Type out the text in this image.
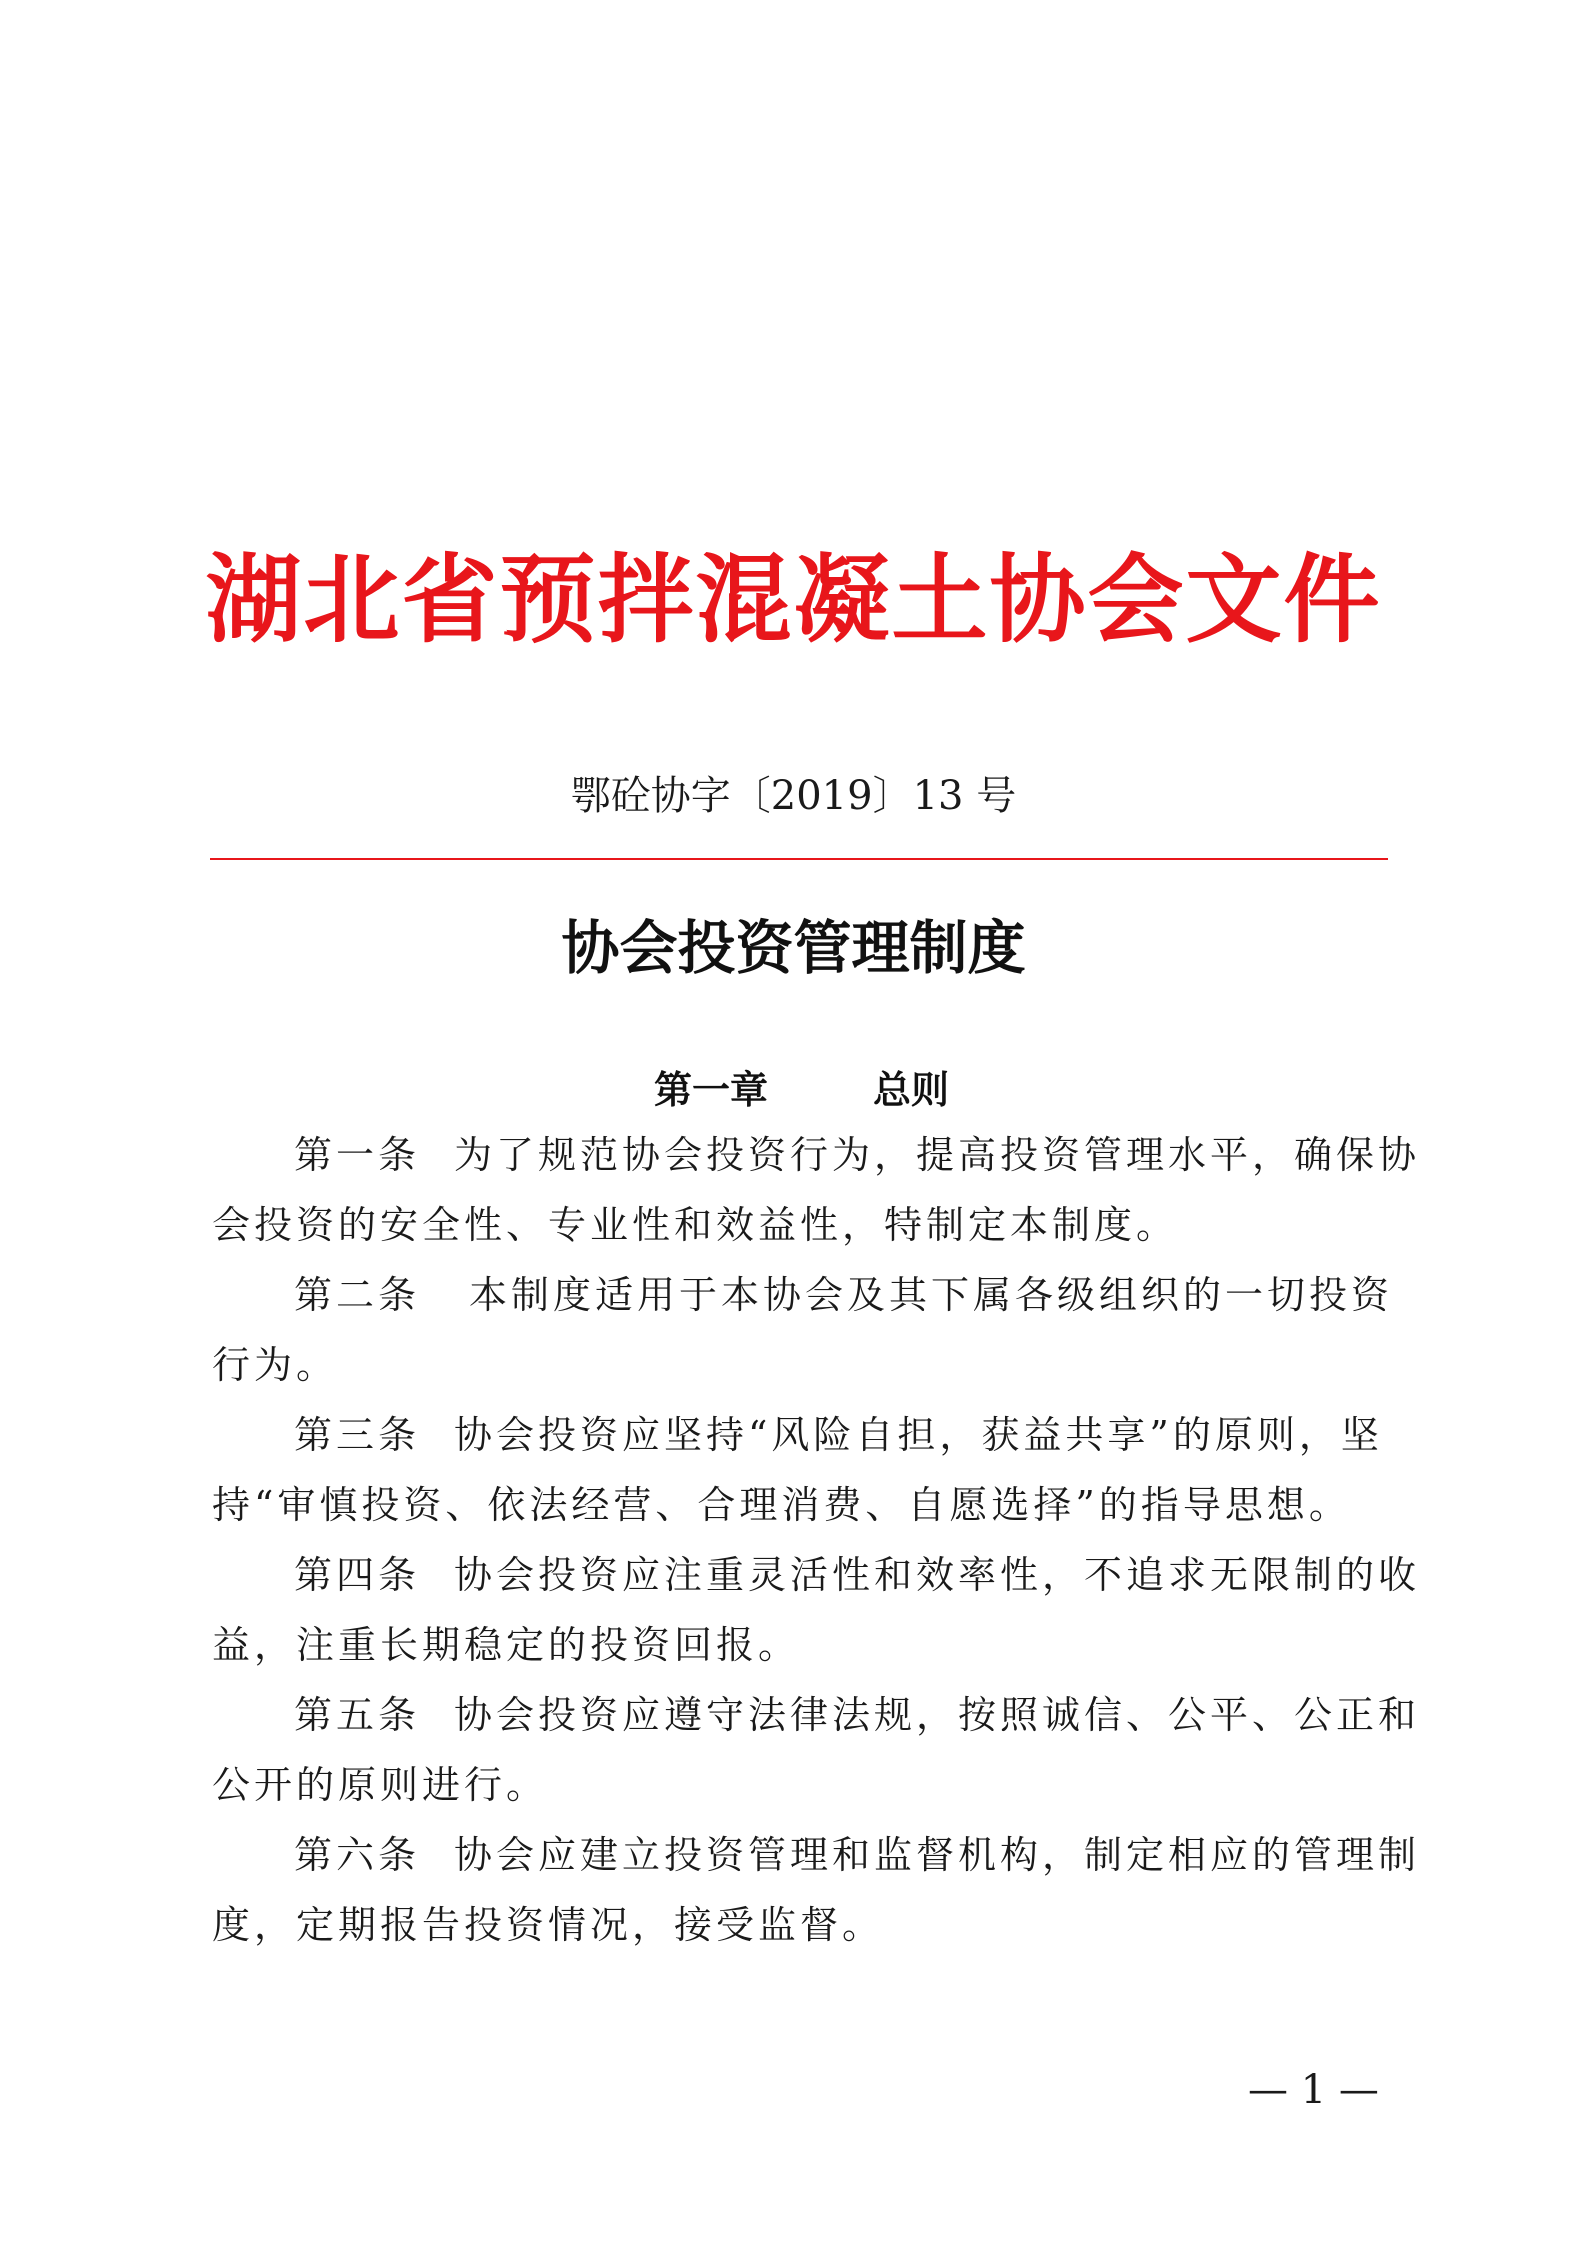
湖北省预拌混凝土协会文件
鄂砼协字〔2019〕13 号
协会投资管理制度
第一章	总则
第一条 为了规范协会投资行为，提高投资管理水平，确保协
会投资的安全性、专业性和效益性，特制定本制度。
第二条 本制度适用于本协会及其下属各级组织的一切投资
行为。
第三条 协会投资应坚持“风险自担，获益共享”的原则，坚
持“审慎投资、依法经营、合理消费、自愿选择”的指导思想。
第四条 协会投资应注重灵活性和效率性，不追求无限制的收
益，注重长期稳定的投资回报。
第五条 协会投资应遵守法律法规，按照诚信、公平、公正和
公开的原则进行。
第六条 协会应建立投资管理和监督机构，制定相应的管理制
度，定期报告投资情况，接受监督。
— 1 —
